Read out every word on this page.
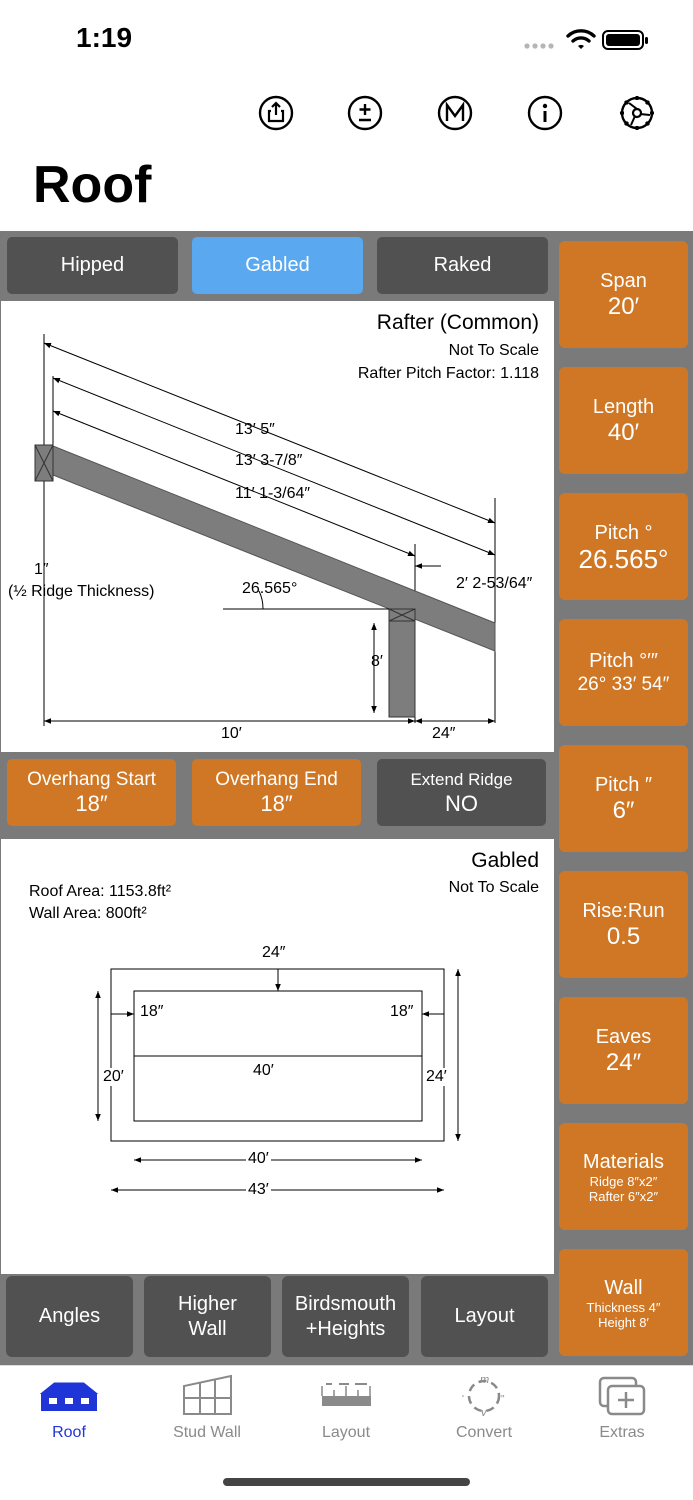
1:19
Roof
Hipped	Gabled	Raked
Span
20′
Length
40′
Pitch °
26.565°
Pitch °′″
26° 33′ 54″
Pitch ″
6″
Rise:Run
0.5
Eaves
24″
Materials
Ridge 8″x2″
Rafter 6″x2″
Wall
Thickness 4″
Height 8′
Rafter (Common)
Not To Scale
Rafter Pitch Factor: 1.118
13′ 5″
13′ 3-7/8″
11′ 1-3/64″
2′ 2-53/64″
1″
(½ Ridge Thickness)	26.565°
8′
10′	24″
Overhang Start
18″
Overhang End
18″
Extend Ridge
NO
Gabled
Not To Scale
Roof Area: 1153.8ft²
Wall Area: 800ft²
24″
18″	18″
40′
20′	24′
40′
43′
Angles
Higher
Wall
Birdsmouth
+Heights
Layout
Roof	Stud Wall	Layout
m
y
"
'
Convert	Extras
